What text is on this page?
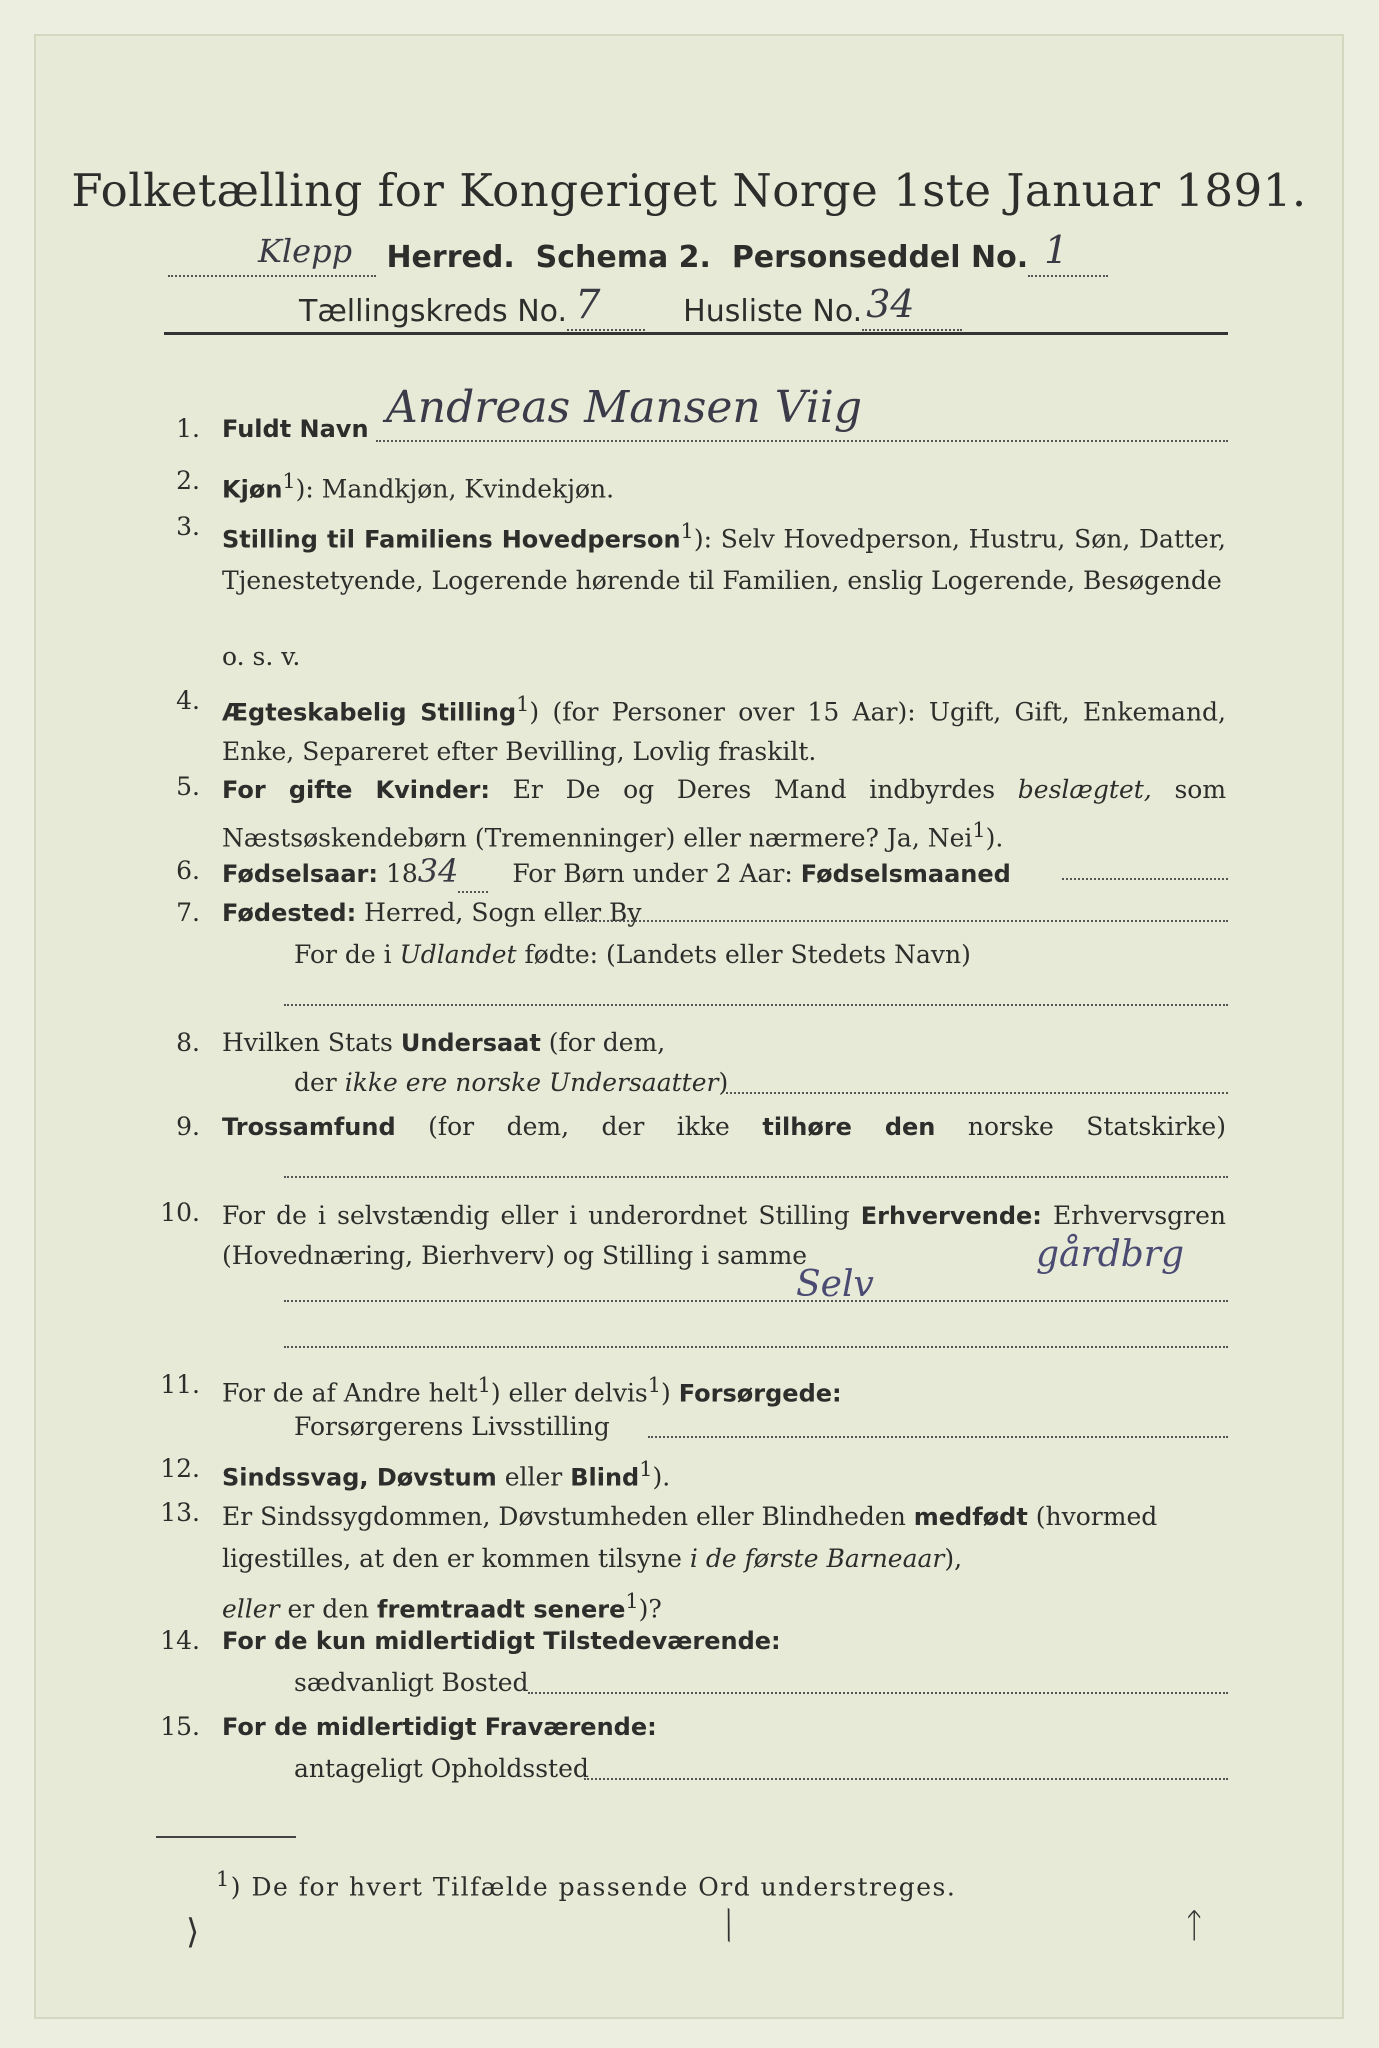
Folketælling for Kongeriget Norge 1ste Januar 1891.
Klepp Herred. Schema 2. Personseddel No. 1

Tællingskreds No. 7	Husliste No. 34

1. Fuldt Navn Andreas Mansen Viig
2. Kjøn$^1$): Mandkjøn, Kvindekjøn.
3. Stilling til Familiens Hovedperson$^1$): Selv Hovedperson, Hustru, Søn, Datter, Tjenestetyende, Logerende hørende til Familien, enslig Logerende, Besøgende
o. s. v.
4. Ægteskabelig Stilling$^1$) (for Personer over 15 Aar): Ugift, Gift, Enkemand, Enke, Separeret efter Bevilling, Lovlig fraskilt.
5. For gifte Kvinder: Er De og Deres Mand indbyrdes beslægtet, som Næstsøskendebørn (Tremenninger) eller nærmere? Ja, Nei$^1$).
6. Fødselsaar: 1834 For Børn under 2 Aar: Fødselsmaaned
7. Fødested: Herred, Sogn eller By
For de i Udlandet fødte: (Landets eller Stedets Navn)
8. Hvilken Stats Undersaat (for dem,
der ikke ere norske Undersaatter)
9. Trossamfund (for dem, der ikke tilhøre den norske Statskirke)
10. For de i selvstændig eller i underordnet Stilling Erhvervende: Erhvervsgren (Hovednæring, Bierhverv) og Stilling i samme	gårdbrg
Selv
11. For de af Andre helt$^1$) eller delvis$^1$) Forsørgede:
Forsørgerens Livsstilling
12. Sindssvag, Døvstum eller Blind$^1$).
13. Er Sindssygdommen, Døvstumheden eller Blindheden medfødt (hvormed ligestilles, at den er kommen tilsyne i de første Barneaar),
eller er den fremtraadt senere$^1$)?
14. For de kun midlertidigt Tilstedeværende:
sædvanligt Bosted
15. For de midlertidigt Fraværende:
antageligt Opholdssted
$^1$) De for hvert Tilfælde passende Ord understreges.
⟩	⟍	ᛏ
